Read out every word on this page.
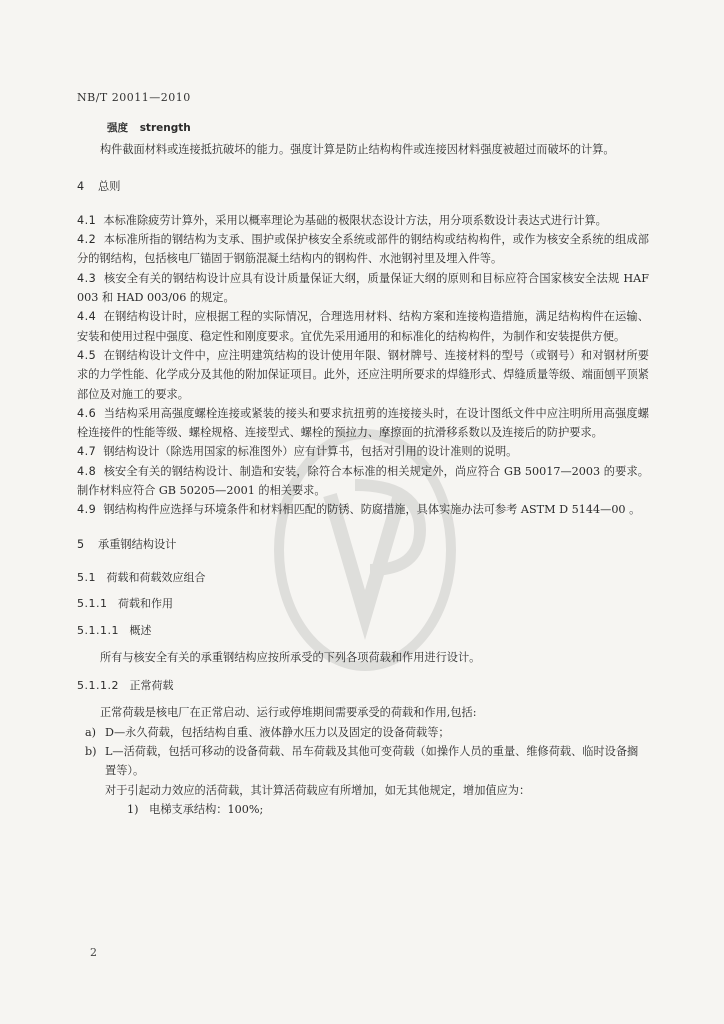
NB/T 20011—2010
强度 strength

构件截面材料或连接抵抗破坏的能力。强度计算是防止结构构件或连接因材料强度被超过而破坏的计算。

4 总则

4.1 本标准除疲劳计算外，采用以概率理论为基础的极限状态设计方法，用分项系数设计表达式进行计算。

4.2 本标准所指的钢结构为支承、围护或保护核安全系统或部件的钢结构或结构构件，或作为核安全系统的组成部分的钢结构，包括核电厂锚固于钢筋混凝土结构内的钢构件、水池钢衬里及埋入件等。

4.3 核安全有关的钢结构设计应具有设计质量保证大纲，质量保证大纲的原则和目标应符合国家核安全法规 HAF 003 和 HAD 003/06 的规定。

4.4 在钢结构设计时，应根据工程的实际情况，合理选用材料、结构方案和连接构造措施，满足结构构件在运输、安装和使用过程中强度、稳定性和刚度要求。宜优先采用通用的和标准化的结构构件，为制作和安装提供方便。

4.5 在钢结构设计文件中，应注明建筑结构的设计使用年限、钢材牌号、连接材料的型号（或钢号）和对钢材所要求的力学性能、化学成分及其他的附加保证项目。此外，还应注明所要求的焊缝形式、焊缝质量等级、端面刨平顶紧部位及对施工的要求。

4.6 当结构采用高强度螺栓连接或紧装的接头和要求抗扭剪的连接接头时，在设计图纸文件中应注明所用高强度螺栓连接件的性能等级、螺栓规格、连接型式、螺栓的预拉力、摩擦面的抗滑移系数以及连接后的防护要求。

4.7 钢结构设计（除选用国家的标准图外）应有计算书，包括对引用的设计准则的说明。

4.8 核安全有关的钢结构设计、制造和安装，除符合本标准的相关规定外，尚应符合 GB 50017—2003 的要求。制作材料应符合 GB 50205—2001 的相关要求。

4.9 钢结构构件应选择与环境条件和材料相匹配的防锈、防腐措施，具体实施办法可参考 ASTM D 5144—00 。

5 承重钢结构设计

5.1 荷载和荷载效应组合

5.1.1 荷载和作用

5.1.1.1 概述

所有与核安全有关的承重钢结构应按所承受的下列各项荷载和作用进行设计。

5.1.1.2 正常荷载

正常荷载是核电厂在正常启动、运行或停堆期间需要承受的荷载和作用,包括:

a) D—永久荷载，包括结构自重、液体静水压力以及固定的设备荷载等；

b) L—活荷载，包括可移动的设备荷载、吊车荷载及其他可变荷载（如操作人员的重量、维修荷载、临时设备搁置等）。

对于引起动力效应的活荷载，其计算活荷载应有所增加，如无其他规定，增加值应为：

1) 电梯支承结构：100%;

2
